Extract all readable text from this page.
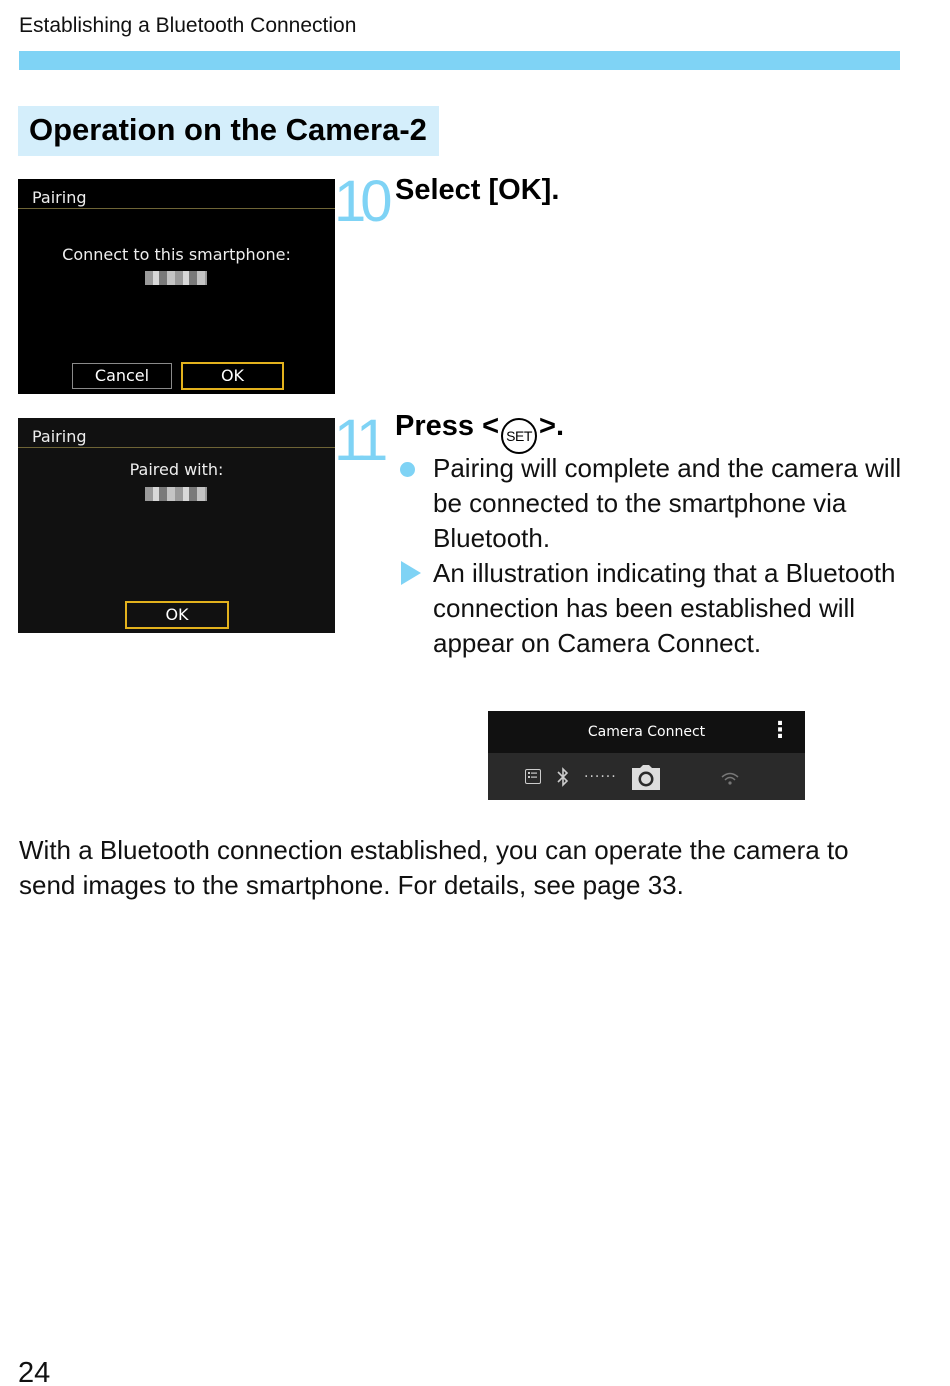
Establishing a Bluetooth Connection
Operation on the Camera-2
Pairing
Connect to this smartphone:
Cancel	OK
10 Select [OK].
Pairing
Paired with:
OK
11 Press < SET >.
Pairing will complete and the camera will be connected to the smartphone via Bluetooth.
An illustration indicating that a Bluetooth connection has been established will appear on Camera Connect.
Camera Connect	⋮
······
With a Bluetooth connection established, you can operate the camera to send images to the smartphone. For details, see page 33.
24
